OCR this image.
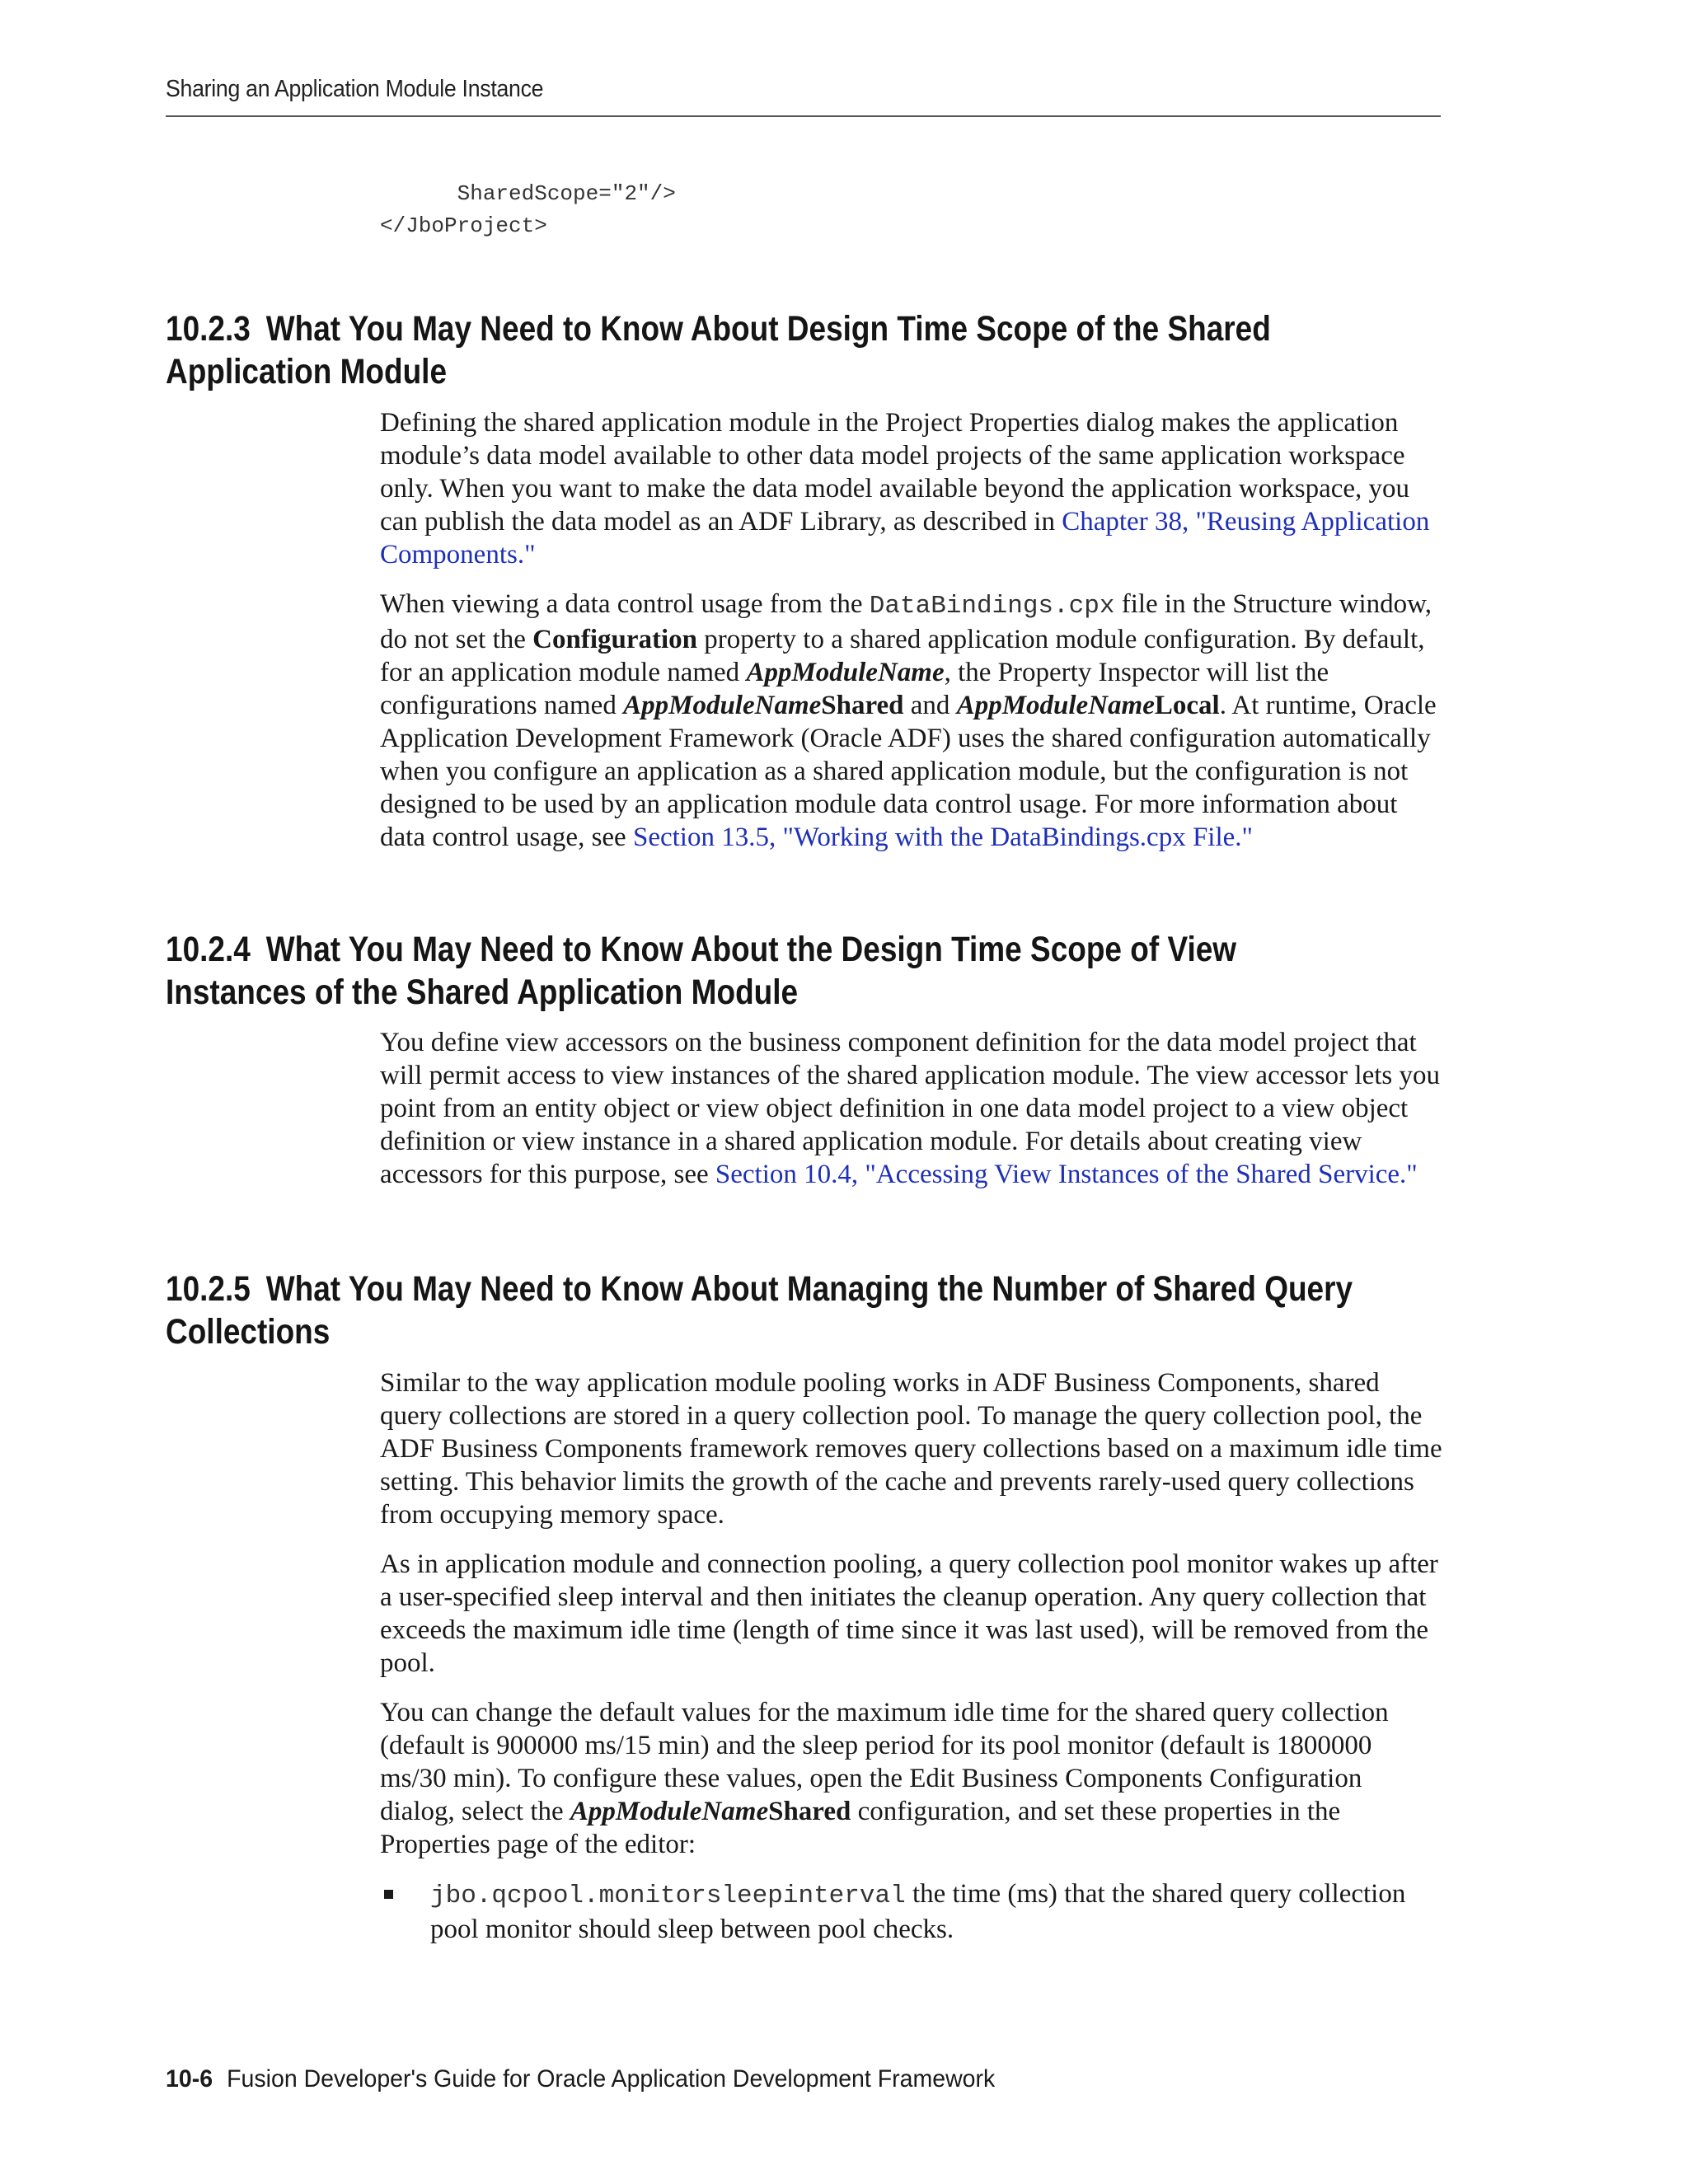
Sharing an Application Module Instance
SharedScope="2"/>
</JboProject>
10.2.3 What You May Need to Know About Design Time Scope of the Shared Application Module

Defining the shared application module in the Project Properties dialog makes the application module’s data model available to other data model projects of the same application workspace only. When you want to make the data model available beyond the application workspace, you can publish the data model as an ADF Library, as described in Chapter 38, "Reusing Application Components."

When viewing a data control usage from the DataBindings.cpx file in the Structure window, do not set the Configuration property to a shared application module configuration. By default, for an application module named AppModuleName, the Property Inspector will list the configurations named AppModuleNameShared and AppModuleNameLocal. At runtime, Oracle Application Development Framework (Oracle ADF) uses the shared configuration automatically when you configure an application as a shared application module, but the configuration is not designed to be used by an application module data control usage. For more information about data control usage, see Section 13.5, "Working with the DataBindings.cpx File."

10.2.4 What You May Need to Know About the Design Time Scope of View Instances of the Shared Application Module

You define view accessors on the business component definition for the data model project that will permit access to view instances of the shared application module. The view accessor lets you point from an entity object or view object definition in one data model project to a view object definition or view instance in a shared application module. For details about creating view accessors for this purpose, see Section 10.4, "Accessing View Instances of the Shared Service."

10.2.5 What You May Need to Know About Managing the Number of Shared Query Collections

Similar to the way application module pooling works in ADF Business Components, shared query collections are stored in a query collection pool. To manage the query collection pool, the ADF Business Components framework removes query collections based on a maximum idle time setting. This behavior limits the growth of the cache and prevents rarely-used query collections from occupying memory space.

As in application module and connection pooling, a query collection pool monitor wakes up after a user-specified sleep interval and then initiates the cleanup operation. Any query collection that exceeds the maximum idle time (length of time since it was last used), will be removed from the pool.

You can change the default values for the maximum idle time for the shared query collection (default is 900000 ms/15 min) and the sleep period for its pool monitor (default is 1800000 ms/30 min). To configure these values, open the Edit Business Components Configuration dialog, select the AppModuleNameShared configuration, and set these properties in the Properties page of the editor:

jbo.qcpool.monitorsleepinterval the time (ms) that the shared query collection pool monitor should sleep between pool checks.
10-6 Fusion Developer's Guide for Oracle Application Development Framework
